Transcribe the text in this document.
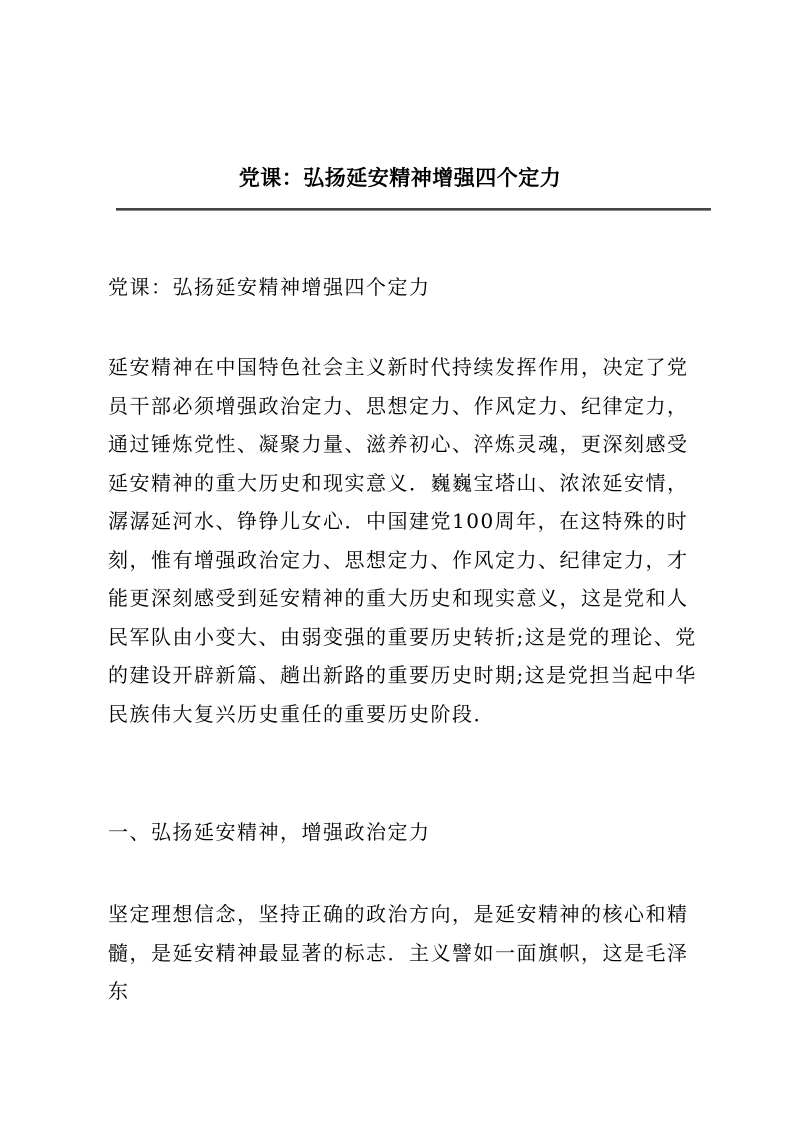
党课：弘扬延安精神增强四个定力

党课：弘扬延安精神增强四个定力

延安精神在中国特色社会主义新时代持续发挥作用，决定了党员干部必须增强政治定力、思想定力、作风定力、纪律定力，通过锤炼党性、凝聚力量、滋养初心、淬炼灵魂，更深刻感受延安精神的重大历史和现实意义．巍巍宝塔山、浓浓延安情，潺潺延河水、铮铮儿女心．中国建党100周年，在这特殊的时刻，惟有增强政治定力、思想定力、作风定力、纪律定力，才能更深刻感受到延安精神的重大历史和现实意义，这是党和人民军队由小变大、由弱变强的重要历史转折;这是党的理论、党的建设开辟新篇、趟出新路的重要历史时期;这是党担当起中华民族伟大复兴历史重任的重要历史阶段．

一、弘扬延安精神，增强政治定力

坚定理想信念，坚持正确的政治方向，是延安精神的核心和精髓，是延安精神最显著的标志．主义譬如一面旗帜，这是毛泽东
